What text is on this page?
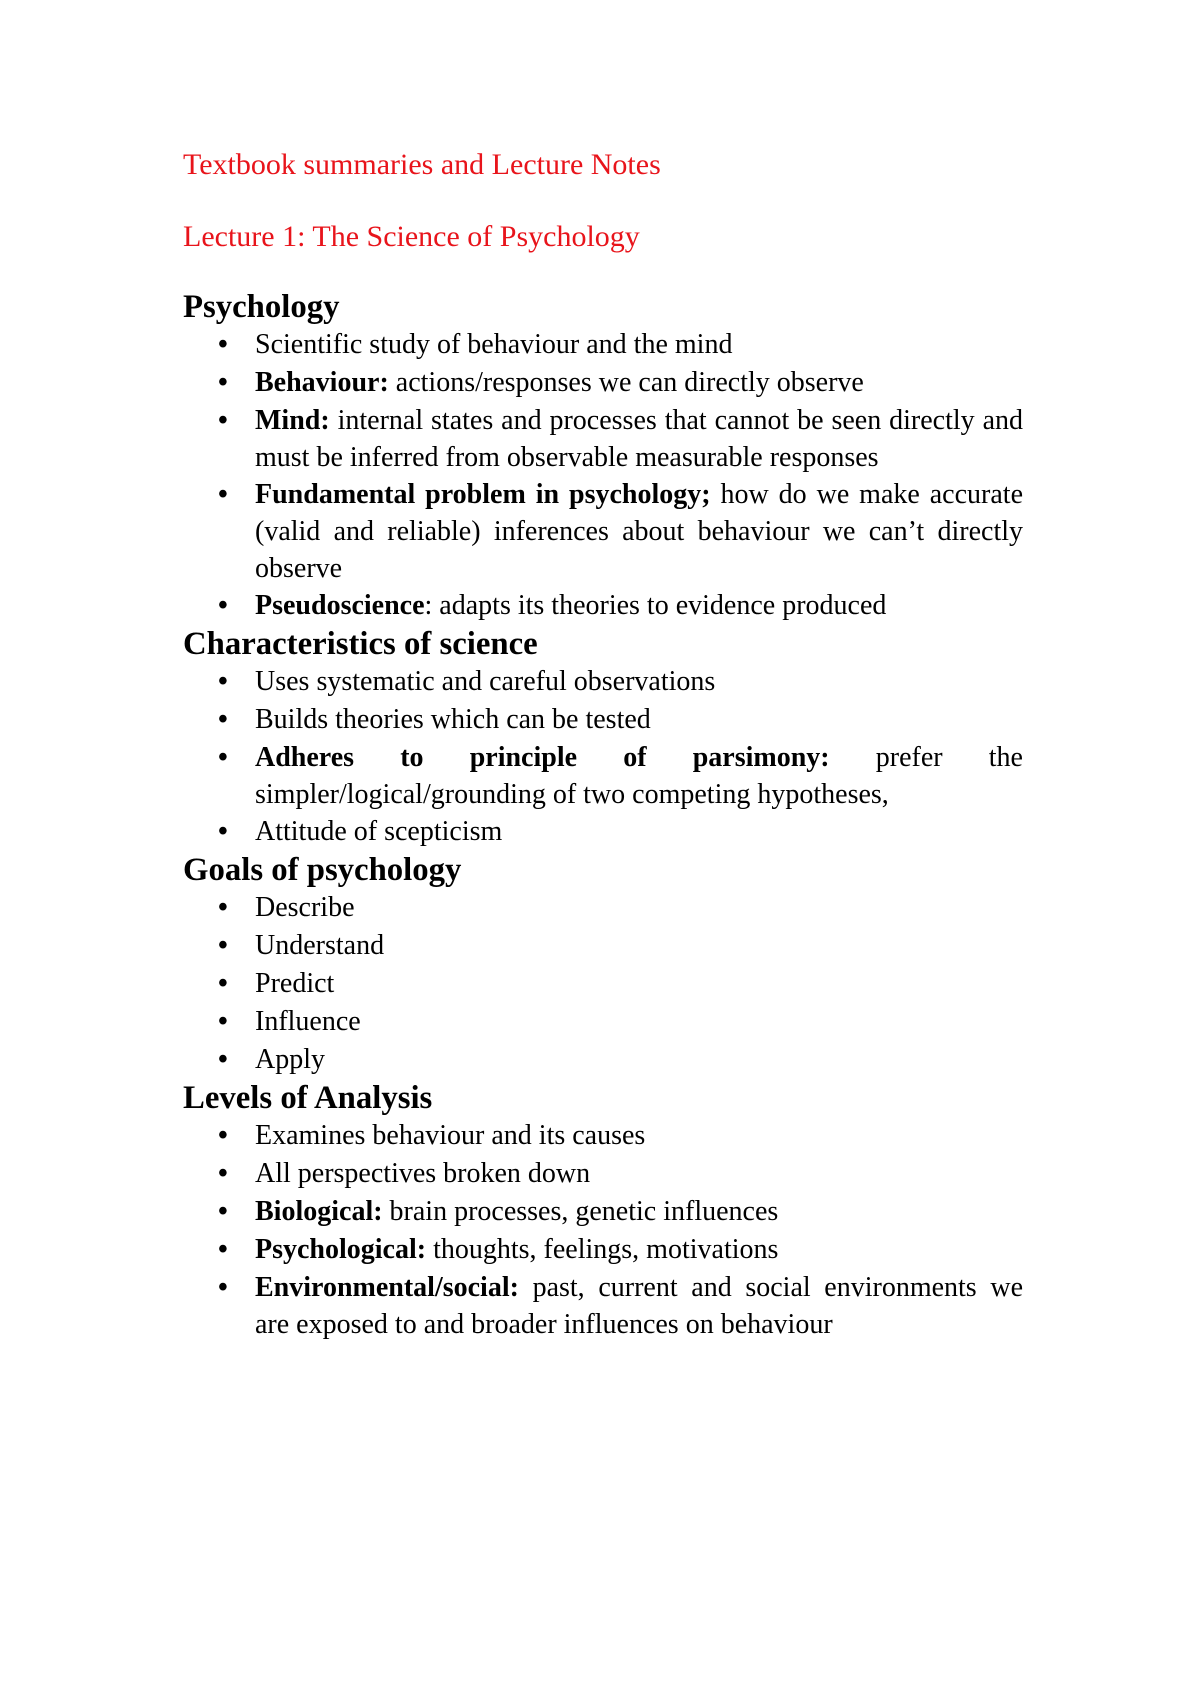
Textbook summaries and Lecture Notes
Lecture 1: The Science of Psychology
Psychology
• Scientific study of behaviour and the mind
• Behaviour: actions/responses we can directly observe
• Mind: internal states and processes that cannot be seen directly and must be inferred from observable measurable responses
• Fundamental problem in psychology; how do we make accurate (valid and reliable) inferences about behaviour we can’t directly observe
• Pseudoscience: adapts its theories to evidence produced
Characteristics of science
• Uses systematic and careful observations
• Builds theories which can be tested
• Adheres to principle of parsimony: prefer the simpler/logical/grounding of two competing hypotheses,
• Attitude of scepticism
Goals of psychology
• Describe
• Understand
• Predict
• Influence
• Apply
Levels of Analysis
• Examines behaviour and its causes
• All perspectives broken down
• Biological: brain processes, genetic influences
• Psychological: thoughts, feelings, motivations
• Environmental/social: past, current and social environments we are exposed to and broader influences on behaviour
